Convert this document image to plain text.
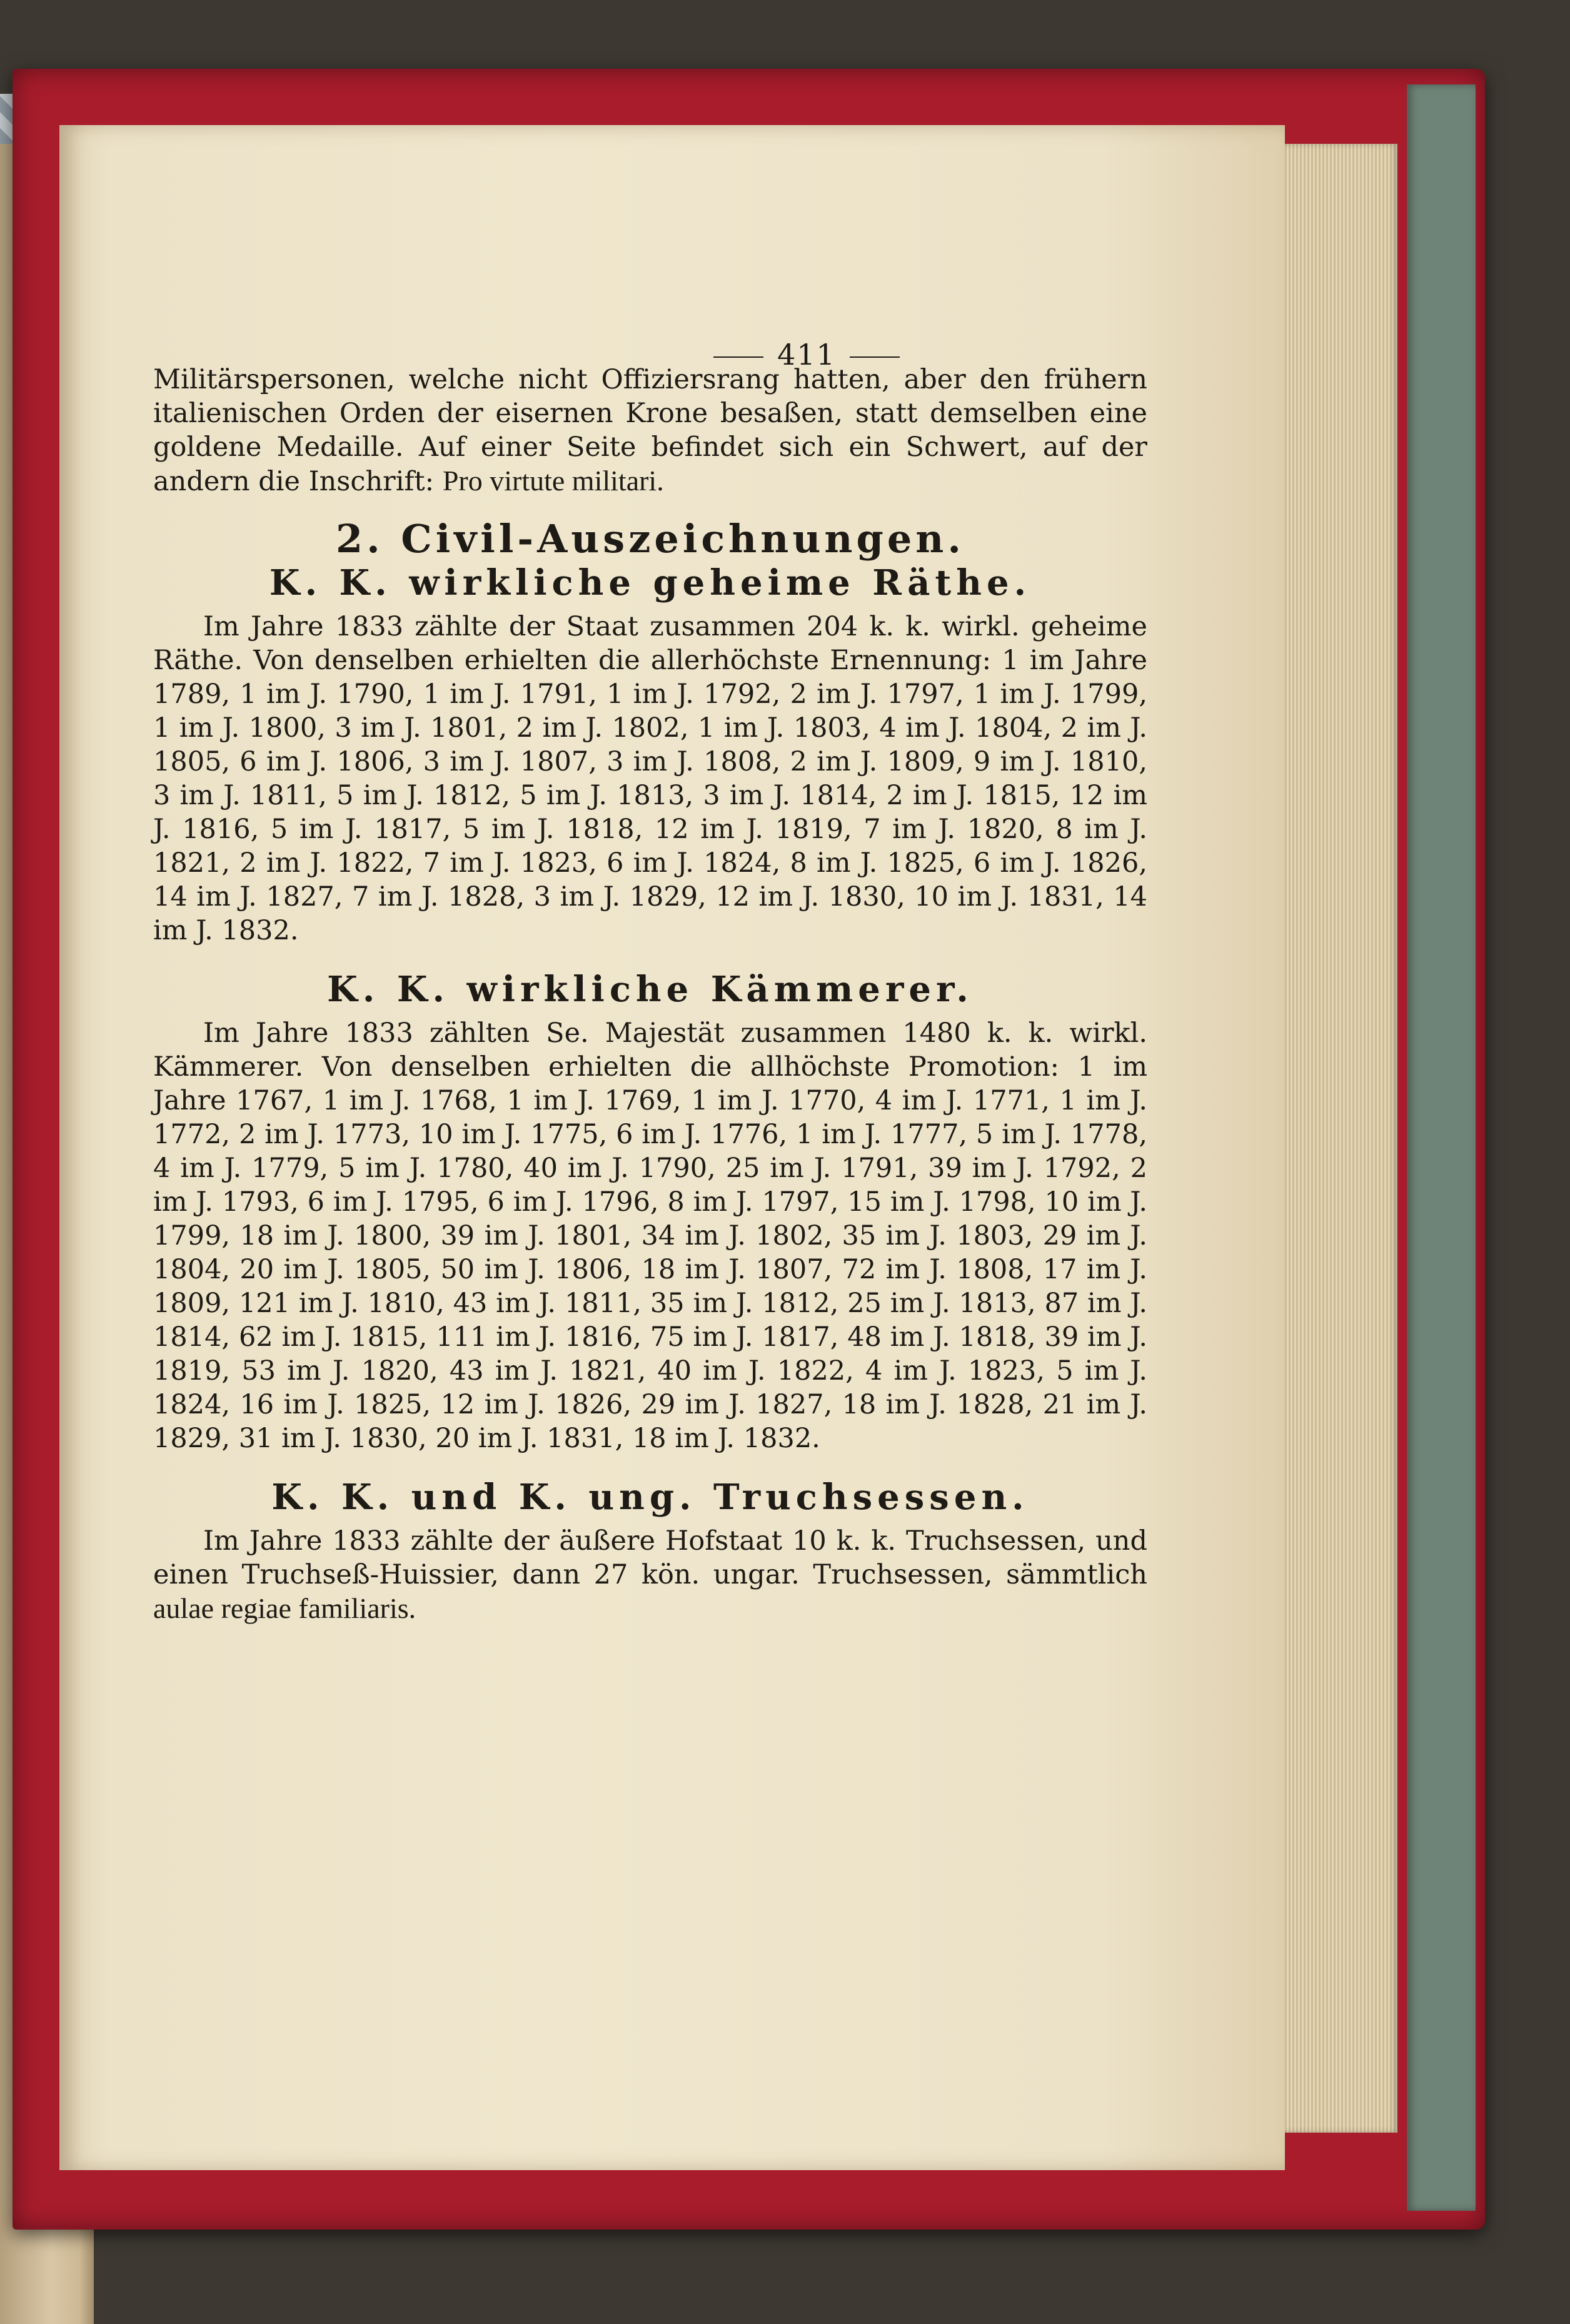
411

Militärspersonen, welche nicht Offiziersrang hatten, aber den frühern italienischen Orden der eisernen Krone besaßen, statt demselben eine goldene Medaille. Auf einer Seite befindet sich ein Schwert, auf der andern die Inschrift: Pro virtute militari.

2. Civil-Auszeichnungen.
K. K. wirkliche geheime Räthe.

Im Jahre 1833 zählte der Staat zusammen 204 k. k. wirkl. geheime Räthe. Von denselben erhielten die allerhöchste Ernennung: 1 im Jahre 1789, 1 im J. 1790, 1 im J. 1791, 1 im J. 1792, 2 im J. 1797, 1 im J. 1799, 1 im J. 1800, 3 im J. 1801, 2 im J. 1802, 1 im J. 1803, 4 im J. 1804, 2 im J. 1805, 6 im J. 1806, 3 im J. 1807, 3 im J. 1808, 2 im J. 1809, 9 im J. 1810, 3 im J. 1811, 5 im J. 1812, 5 im J. 1813, 3 im J. 1814, 2 im J. 1815, 12 im J. 1816, 5 im J. 1817, 5 im J. 1818, 12 im J. 1819, 7 im J. 1820, 8 im J. 1821, 2 im J. 1822, 7 im J. 1823, 6 im J. 1824, 8 im J. 1825, 6 im J. 1826, 14 im J. 1827, 7 im J. 1828, 3 im J. 1829, 12 im J. 1830, 10 im J. 1831, 14 im J. 1832.

K. K. wirkliche Kämmerer.

Im Jahre 1833 zählten Se. Majestät zusammen 1480 k. k. wirkl. Kämmerer. Von denselben erhielten die allhöchste Promotion: 1 im Jahre 1767, 1 im J. 1768, 1 im J. 1769, 1 im J. 1770, 4 im J. 1771, 1 im J. 1772, 2 im J. 1773, 10 im J. 1775, 6 im J. 1776, 1 im J. 1777, 5 im J. 1778, 4 im J. 1779, 5 im J. 1780, 40 im J. 1790, 25 im J. 1791, 39 im J. 1792, 2 im J. 1793, 6 im J. 1795, 6 im J. 1796, 8 im J. 1797, 15 im J. 1798, 10 im J. 1799, 18 im J. 1800, 39 im J. 1801, 34 im J. 1802, 35 im J. 1803, 29 im J. 1804, 20 im J. 1805, 50 im J. 1806, 18 im J. 1807, 72 im J. 1808, 17 im J. 1809, 121 im J. 1810, 43 im J. 1811, 35 im J. 1812, 25 im J. 1813, 87 im J. 1814, 62 im J. 1815, 111 im J. 1816, 75 im J. 1817, 48 im J. 1818, 39 im J. 1819, 53 im J. 1820, 43 im J. 1821, 40 im J. 1822, 4 im J. 1823, 5 im J. 1824, 16 im J. 1825, 12 im J. 1826, 29 im J. 1827, 18 im J. 1828, 21 im J. 1829, 31 im J. 1830, 20 im J. 1831, 18 im J. 1832.

K. K. und K. ung. Truchsessen.

Im Jahre 1833 zählte der äußere Hofstaat 10 k. k. Truchsessen, und einen Truchseß-Huissier, dann 27 kön. ungar. Truchsessen, sämmtlich aulae regiae familiaris.
